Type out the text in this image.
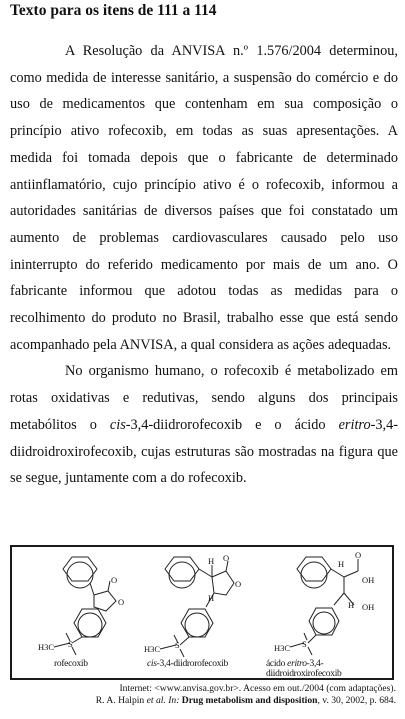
Texto para os itens de 111 a 114

A Resolução da ANVISA n.º 1.576/2004 determinou, como medida de interesse sanitário, a suspensão do comércio e do uso de medicamentos que contenham em sua composição o princípio ativo rofecoxib, em todas as suas apresentações. A medida foi tomada depois que o fabricante de determinado antiinflamatório, cujo princípio ativo é o rofecoxib, informou a autoridades sanitárias de diversos países que foi constatado um aumento de problemas cardiovasculares causado pelo uso ininterrupto do referido medicamento por mais de um ano. O fabricante informou que adotou todas as medidas para o recolhimento do produto no Brasil, trabalho esse que está sendo acompanhado pela ANVISA, a qual considera as ações adequadas.

No organismo humano, o rofecoxib é metabolizado em rotas oxidativas e redutivas, sendo alguns dos principais metabólitos o cis-3,4-diidrorofecoxib e o ácido eritro-3,4-diidroidroxirofecoxib, cujas estruturas são mostradas na figura que se segue, juntamente com a do rofecoxib.

O
O
S
H3C
H O
O
H
S
H3C
H
O
OH
H OH
S
H3C
rofecoxib	cis-3,4-diidrorofecoxib	ácido eritro-3,4-diidroidroxirofecoxib
Internet: <www.anvisa.gov.br>. Acesso em out./2004 (com adaptações).
R. A. Halpin et al. In: Drug metabolism and disposition, v. 30, 2002, p. 684.
